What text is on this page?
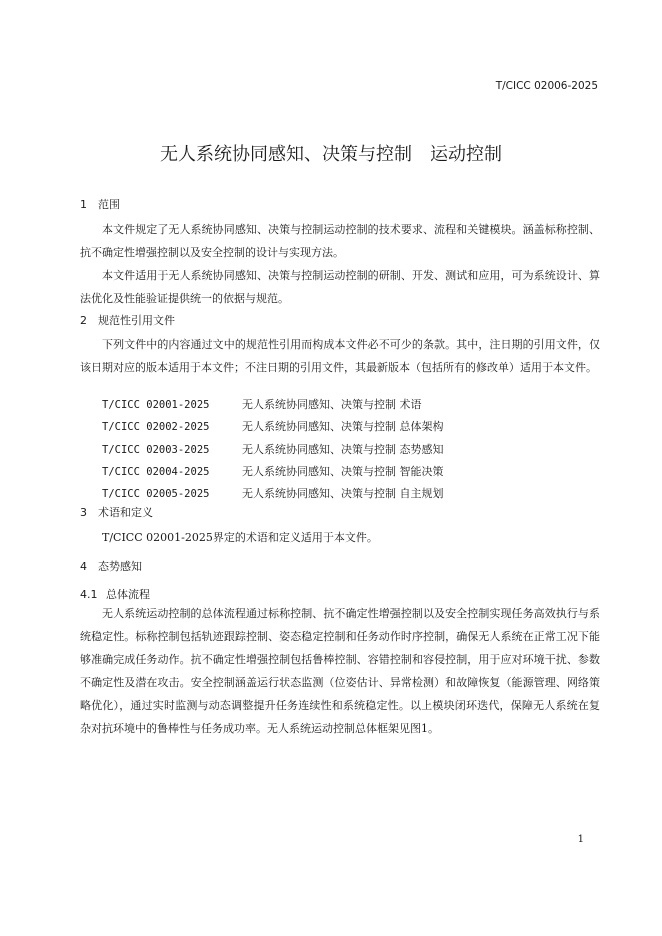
T/CICC 02006-2025
无人系统协同感知、决策与控制 运动控制
1 范围

本文件规定了无人系统协同感知、决策与控制运动控制的技术要求、流程和关键模块。涵盖标称控制、抗不确定性增强控制以及安全控制的设计与实现方法。

本文件适用于无人系统协同感知、决策与控制运动控制的研制、开发、测试和应用，可为系统设计、算法优化及性能验证提供统一的依据与规范。

2 规范性引用文件

下列文件中的内容通过文中的规范性引用而构成本文件必不可少的条款。其中，注日期的引用文件，仅该日期对应的版本适用于本文件；不注日期的引用文件，其最新版本（包括所有的修改单）适用于本文件。

T/CICC 02001-2025	无人系统协同感知、决策与控制 术语
T/CICC 02002-2025	无人系统协同感知、决策与控制 总体架构
T/CICC 02003-2025	无人系统协同感知、决策与控制 态势感知
T/CICC 02004-2025	无人系统协同感知、决策与控制 智能决策
T/CICC 02005-2025	无人系统协同感知、决策与控制 自主规划
3 术语和定义

T/CICC 02001-2025界定的术语和定义适用于本文件。

4 态势感知
4.1 总体流程

无人系统运动控制的总体流程通过标称控制、抗不确定性增强控制以及安全控制实现任务高效执行与系统稳定性。标称控制包括轨迹跟踪控制、姿态稳定控制和任务动作时序控制，确保无人系统在正常工况下能够准确完成任务动作。抗不确定性增强控制包括鲁棒控制、容错控制和容侵控制，用于应对环境干扰、参数不确定性及潜在攻击。安全控制涵盖运行状态监测（位姿估计、异常检测）和故障恢复（能源管理、网络策略优化），通过实时监测与动态调整提升任务连续性和系统稳定性。以上模块闭环迭代，保障无人系统在复杂对抗环境中的鲁棒性与任务成功率。无人系统运动控制总体框架见图1。

1
